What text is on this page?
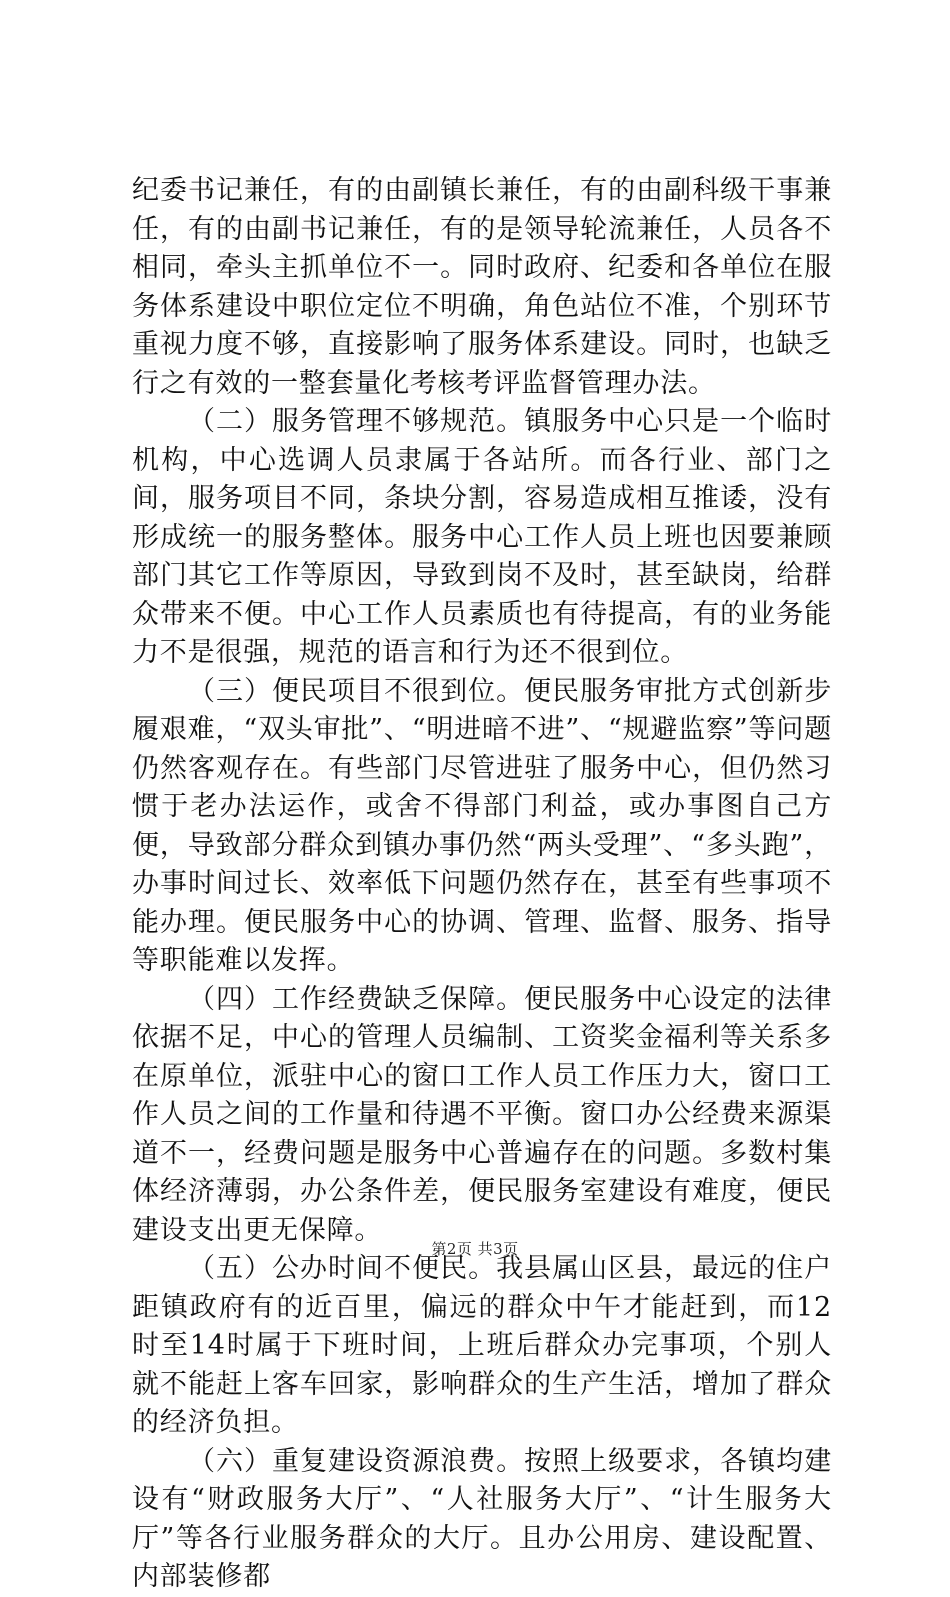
纪委书记兼任，有的由副镇长兼任，有的由副科级干事兼任，有的由副书记兼任，有的是领导轮流兼任，人员各不相同，牵头主抓单位不一。同时政府、纪委和各单位在服务体系建设中职位定位不明确，角色站位不准，个别环节重视力度不够，直接影响了服务体系建设。同时，也缺乏行之有效的一整套量化考核考评监督管理办法。

（二）服务管理不够规范。镇服务中心只是一个临时机构，中心选调人员隶属于各站所。而各行业、部门之间，服务项目不同，条块分割，容易造成相互推诿，没有形成统一的服务整体。服务中心工作人员上班也因要兼顾部门其它工作等原因，导致到岗不及时，甚至缺岗，给群众带来不便。中心工作人员素质也有待提高，有的业务能力不是很强，规范的语言和行为还不很到位。

（三）便民项目不很到位。便民服务审批方式创新步履艰难，“双头审批”、“明进暗不进”、“规避监察”等问题仍然客观存在。有些部门尽管进驻了服务中心，但仍然习惯于老办法运作，或舍不得部门利益，或办事图自己方便，导致部分群众到镇办事仍然“两头受理”、“多头跑”，办事时间过长、效率低下问题仍然存在，甚至有些事项不能办理。便民服务中心的协调、管理、监督、服务、指导等职能难以发挥。

（四）工作经费缺乏保障。便民服务中心设定的法律依据不足，中心的管理人员编制、工资奖金福利等关系多在原单位，派驻中心的窗口工作人员工作压力大，窗口工作人员之间的工作量和待遇不平衡。窗口办公经费来源渠道不一，经费问题是服务中心普遍存在的问题。多数村集体经济薄弱，办公条件差，便民服务室建设有难度，便民建设支出更无保障。

（五）公办时间不便民。我县属山区县，最远的住户距镇政府有的近百里，偏远的群众中午才能赶到，而12时至14时属于下班时间，上班后群众办完事项，个别人就不能赶上客车回家，影响群众的生产生活，增加了群众的经济负担。

（六）重复建设资源浪费。按照上级要求，各镇均建设有“财政服务大厅”、“人社服务大厅”、“计生服务大厅”等各行业服务群众的大厅。且办公用房、建设配置、内部装修都

第2页 共3页
